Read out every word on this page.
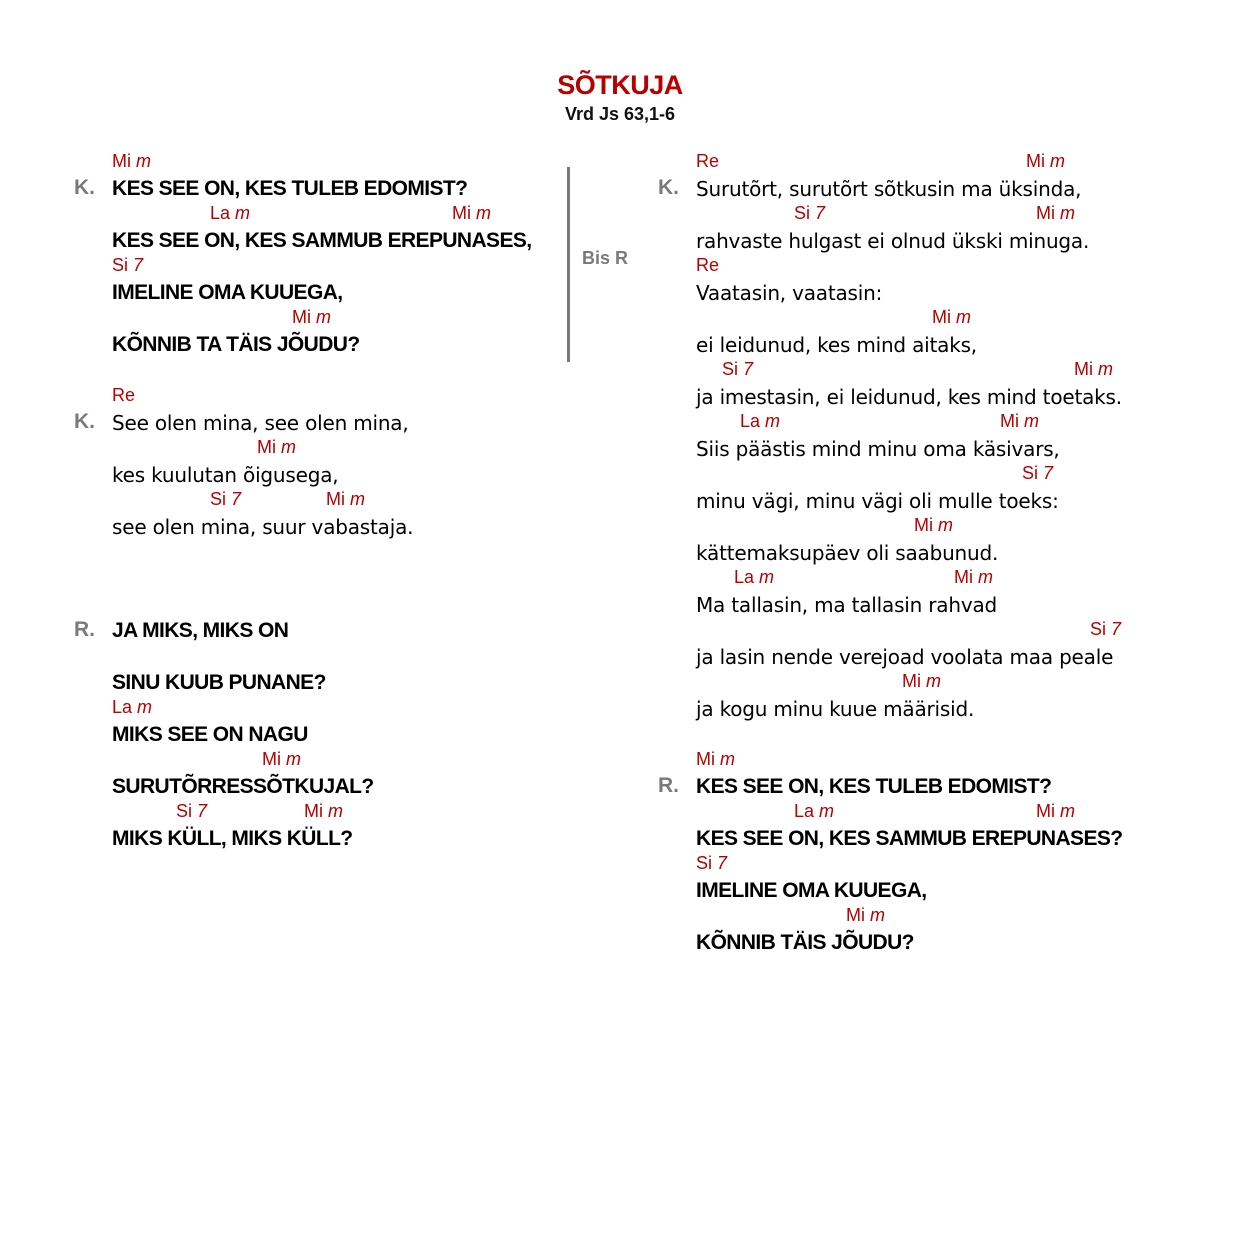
SÕTKUJA
Vrd Js 63,1-6
K.
Mi m
KES SEE ON, KES TULEB EDOMIST?
La m	Mi m
KES SEE ON, KES SAMMUB EREPUNASES,
Si 7
IMELINE OMA KUUEGA,
Mi m
KÕNNIB TA TÄIS JÕUDU?
K.
Re
See olen mina, see olen mina,
Mi m
kes kuulutan õigusega,
Si 7	Mi m
see olen mina, suur vabastaja.
R. JA MIKS, MIKS ON
SINU KUUB PUNANE?
La m
MIKS SEE ON NAGU
Mi m
SURUTÕRRESSÕTKUJAL?
Si 7	Mi m
MIKS KÜLL, MIKS KÜLL?
K.
Re	Mi m
Surutõrt, surutõrt sõtkusin ma üksinda,
Si 7	Mi m
rahvaste hulgast ei olnud ükski minuga.
Re
Vaatasin, vaatasin:
Mi m
ei leidunud, kes mind aitaks,
Si 7	Mi m
ja imestasin, ei leidunud, kes mind toetaks.
La m	Mi m
Siis päästis mind minu oma käsivars,
Si 7
minu vägi, minu vägi oli mulle toeks:
Mi m
kättemaksupäev oli saabunud.
La m	Mi m
Ma tallasin, ma tallasin rahvad
Si 7
ja lasin nende verejoad voolata maa peale
Mi m
ja kogu minu kuue määrisid.
R.
Mi m
KES SEE ON, KES TULEB EDOMIST?
La m	Mi m
KES SEE ON, KES SAMMUB EREPUNASES?
Si 7
IMELINE OMA KUUEGA,
Mi m
KÕNNIB TÄIS JÕUDU?
Bis R
